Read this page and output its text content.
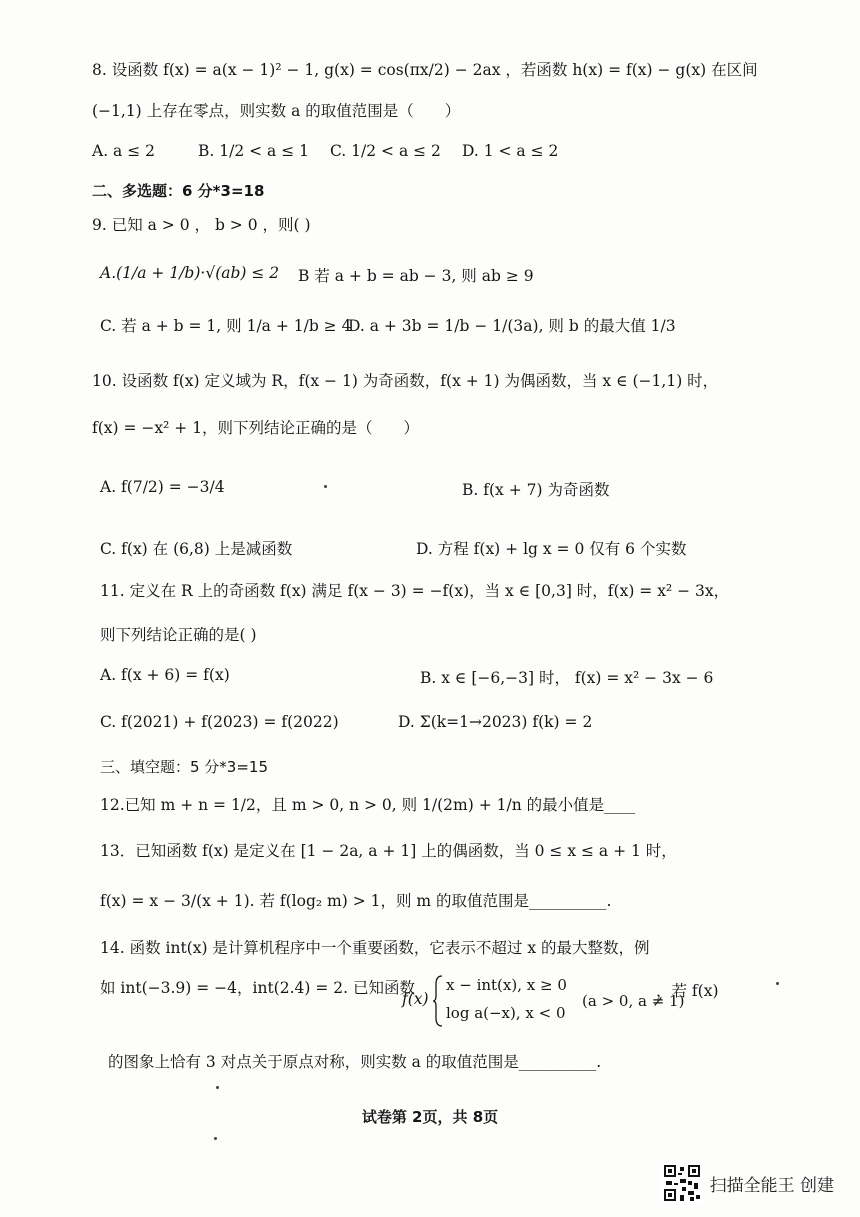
8. 设函数 f(x) = a(x − 1)² − 1, g(x) = cos(πx/2) − 2ax ，若函数 h(x) = f(x) − g(x) 在区间
(−1,1) 上存在零点，则实数 a 的取值范围是（　　）
A. a ≤ 2	B. 1/2 < a ≤ 1 C. 1/2 < a ≤ 2 D. 1 < a ≤ 2
二、多选题：6 分*3=18
9. 已知 a > 0 ， b > 0 ，则( )
A.(1/a + 1/b)·√(ab) ≤ 2 B 若 a + b = ab − 3, 则 ab ≥ 9
C. 若 a + b = 1, 则 1/a + 1/b ≥ 4
D. a + 3b = 1/b − 1/(3a), 则 b 的最大值 1/3
10. 设函数 f(x) 定义域为 R，f(x − 1) 为奇函数，f(x + 1) 为偶函数，当 x ∈ (−1,1) 时，
f(x) = −x² + 1，则下列结论正确的是（　　）
A. f(7/2) = −3/4	B. f(x + 7) 为奇函数
C. f(x) 在 (6,8) 上是减函数	D. 方程 f(x) + lg x = 0 仅有 6 个实数
11. 定义在 R 上的奇函数 f(x) 满足 f(x − 3) = −f(x)，当 x ∈ [0,3] 时，f(x) = x² − 3x，
则下列结论正确的是( )
A. f(x + 6) = f(x)	B. x ∈ [−6,−3] 时， f(x) = x² − 3x − 6
C. f(2021) + f(2023) = f(2022)	D. Σ(k=1→2023) f(k) = 2
三、填空题：5 分*3=15
12.已知 m + n = 1/2，且 m > 0, n > 0, 则 1/(2m) + 1/n 的最小值是____
13．已知函数 f(x) 是定义在 [1 − 2a, a + 1] 上的偶函数，当 0 ≤ x ≤ a + 1 时，
f(x) = x − 3/(x + 1). 若 f(log₂ m) > 1，则 m 的取值范围是__________.
14. 函数 int(x) 是计算机程序中一个重要函数，它表示不超过 x 的最大整数，例
如 int(−3.9) = −4，int(2.4) = 2. 已知函数
f(x)
x − int(x), x ≥ 0
log a(−x), x < 0
(a > 0, a ≠ 1)
，若 f(x)
的图象上恰有 3 对点关于原点对称，则实数 a 的取值范围是__________.
试卷第 2页，共 8页
扫描全能王 创建
